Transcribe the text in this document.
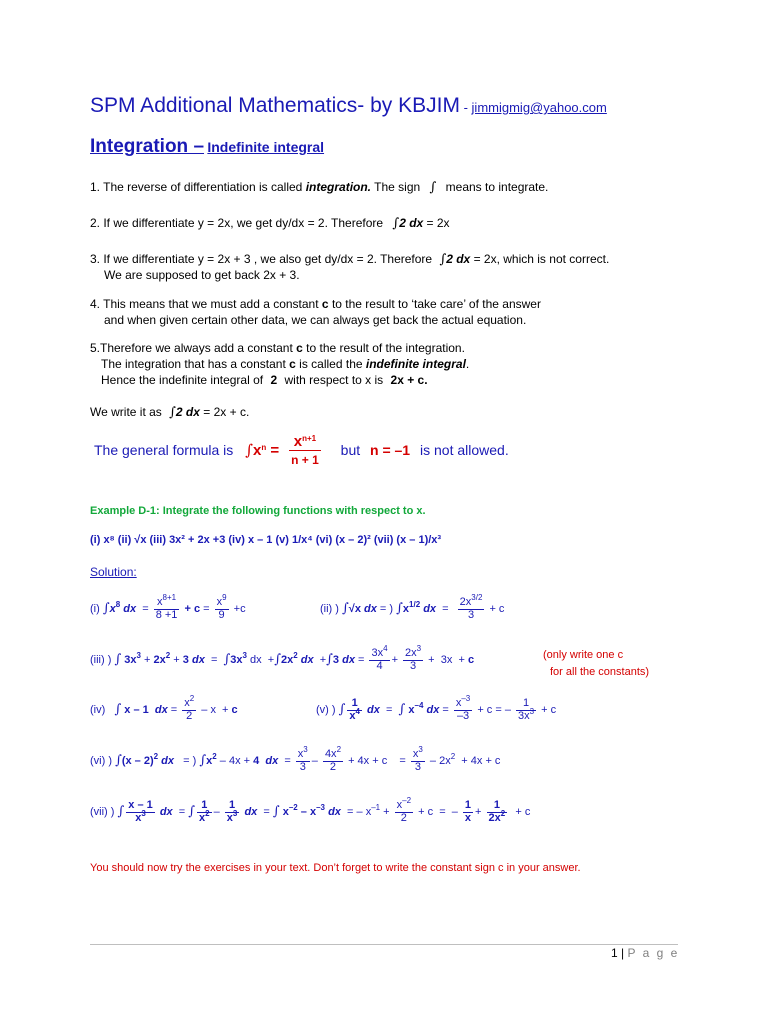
SPM Additional Mathematics- by KBJIM - jimmigmig@yahoo.com
Integration – Indefinite integral
1. The reverse of differentiation is called integration. The sign ∫ means to integrate.
2. If we differentiate y = 2x, we get dy/dx = 2. Therefore ∫2 dx = 2x
3. If we differentiate y = 2x + 3 , we also get dy/dx = 2. Therefore ∫2 dx = 2x, which is not correct.
We are supposed to get back 2x + 3.
4. This means that we must add a constant c to the result to ‘take care’ of the answer
and when given certain other data, we can always get back the actual equation.
5.Therefore we always add a constant c to the result of the integration.
The integration that has a constant c is called the indefinite integral.
Hence the indefinite integral of 2 with respect to x is 2x + c.
We write it as ∫2 dx = 2x + c.
The general formula is $\int x^n = \frac{x^{n+1}}{n + 1}$ but n = –1 is not allowed.
Example D-1: Integrate the following functions with respect to x.
(i) x⁸ (ii) √x (iii) 3x² + 2x +3 (iv) x – 1 (v) 1/x⁴ (vi) (x – 2)² (vii) (x – 1)/x³
Solution:
(i) $\int x^8$ dx  = $\frac{x^{8+1}}{8 +1} + c = \frac{x^9}{9} +c$	(ii) ) ∫√x dx = ) $\int x^{1/2}$ dx  = $\frac{2x^{3/2}}{3} + c$
(iii) ) ∫ $3x^3 + 2x^2 + 3$ dx  =  $\int 3x^3$ dx  $+\int 2x^2$ dx  +∫3 dx = $\frac{3x^4}{4} + \frac{2x^3}{3} + 3x + c$	(only write one c
for all the constants)
(iv) ∫ x – 1  dx = $\frac{x^2}{2} - x + c$	(v) ) ∫ $\frac{1}{x^4}$ dx  =  ∫ $x^{-4}$ dx = $\frac{x^{-3}}{-3} + c$ = – $\frac{1}{3x^3} + c$
(vi) ) ∫(x – 2)$^2$ dx   = ) $\int x^2 - 4x + 4$  dx  = $\frac{x^3}{3} - \frac{4x^2}{2} + 4x + c$    = $\frac{x^3}{3} - 2x^2 + 4x + c$
(vii) ) ∫ $\frac{x - 1}{x^3}$ dx  = ∫ $\frac{1}{x^2} - \frac{1}{x^3}$ dx  = ∫ $x^{-2} - x^{-3}$ dx  = – $x^{-1} + \frac{x^{-2}}{2} + c$  =  – $\frac{1}{x} + \frac{1}{2x^2} + c$
You should now try the exercises in your text. Don’t forget to write the constant sign c in your answer.
1 | P a g e
